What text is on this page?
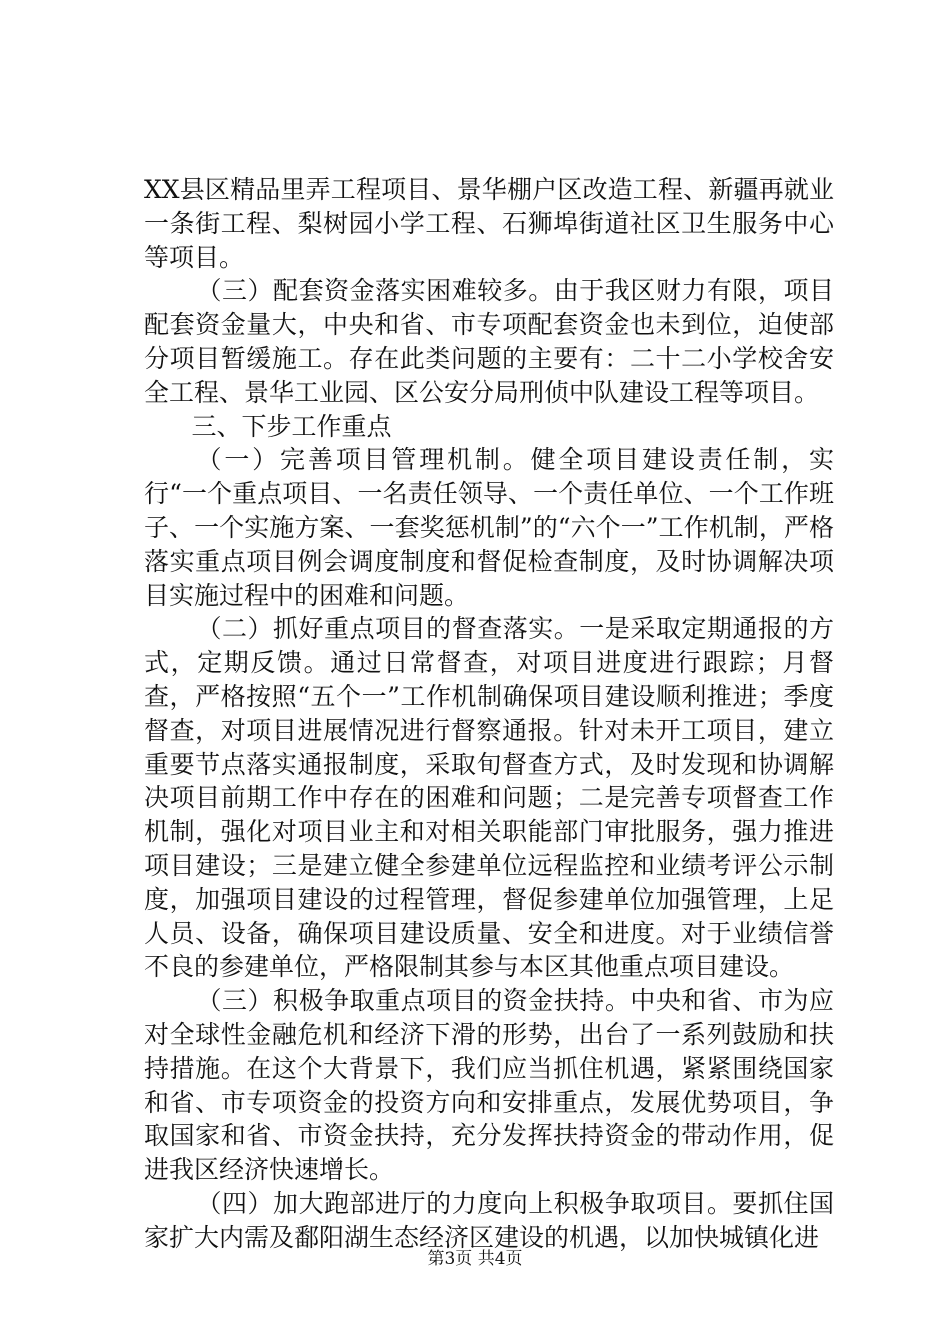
XX县区精品里弄工程项目、景华棚户区改造工程、新疆再就业一条街工程、梨树园小学工程、石狮埠街道社区卫生服务中心等项目。

（三）配套资金落实困难较多。由于我区财力有限，项目配套资金量大，中央和省、市专项配套资金也未到位，迫使部分项目暂缓施工。存在此类问题的主要有：二十二小学校舍安全工程、景华工业园、区公安分局刑侦中队建设工程等项目。

三、下步工作重点

（一）完善项目管理机制。健全项目建设责任制，实行“一个重点项目、一名责任领导、一个责任单位、一个工作班子、一个实施方案、一套奖惩机制”的“六个一”工作机制，严格落实重点项目例会调度制度和督促检查制度，及时协调解决项目实施过程中的困难和问题。

（二）抓好重点项目的督查落实。一是采取定期通报的方式，定期反馈。通过日常督查，对项目进度进行跟踪；月督查，严格按照“五个一”工作机制确保项目建设顺利推进；季度督查，对项目进展情况进行督察通报。针对未开工项目，建立重要节点落实通报制度，采取旬督查方式，及时发现和协调解决项目前期工作中存在的困难和问题；二是完善专项督查工作机制，强化对项目业主和对相关职能部门审批服务，强力推进项目建设；三是建立健全参建单位远程监控和业绩考评公示制度，加强项目建设的过程管理，督促参建单位加强管理，上足人员、设备，确保项目建设质量、安全和进度。对于业绩信誉不良的参建单位，严格限制其参与本区其他重点项目建设。

（三）积极争取重点项目的资金扶持。中央和省、市为应对全球性金融危机和经济下滑的形势，出台了一系列鼓励和扶持措施。在这个大背景下，我们应当抓住机遇，紧紧围绕国家和省、市专项资金的投资方向和安排重点，发展优势项目，争取国家和省、市资金扶持，充分发挥扶持资金的带动作用，促进我区经济快速增长。

（四）加大跑部进厅的力度向上积极争取项目。要抓住国家扩大内需及鄱阳湖生态经济区建设的机遇，以加快城镇化进

第3页 共4页
